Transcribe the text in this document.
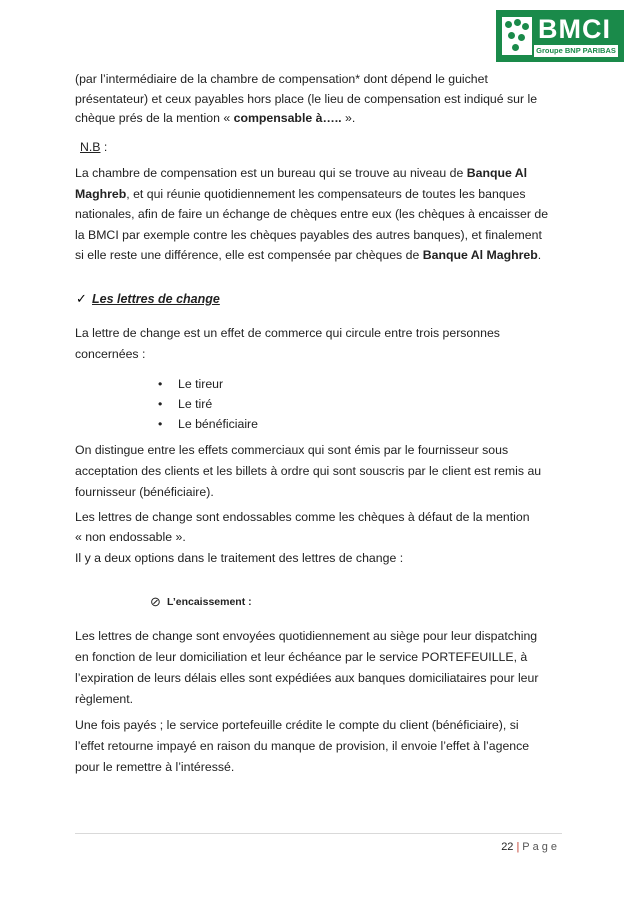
BMCI
Groupe BNP PARIBAS
(par l’intermédiaire de la chambre de compensation* dont dépend le guichet
présentateur) et ceux payables hors place (le lieu de compensation est indiqué sur le
chèque prés de la mention « compensable à….. ».
N.B :
La chambre de compensation est un bureau qui se trouve au niveau de Banque Al
Maghreb, et qui réunie quotidiennement les compensateurs de toutes les banques
nationales, afin de faire un échange de chèques entre eux (les chèques à encaisser de
la BMCI par exemple contre les chèques payables des autres banques), et finalement
si elle reste une différence, elle est compensée par chèques de Banque Al Maghreb.
✓ Les lettres de change
La lettre de change est un effet de commerce qui circule entre trois personnes
concernées :
• Le tireur
• Le tiré
• Le bénéficiaire
On distingue entre les effets commerciaux qui sont émis par le fournisseur sous
acceptation des clients et les billets à ordre qui sont souscris par le client est remis au
fournisseur (bénéficiaire).
Les lettres de change sont endossables comme les chèques à défaut de la mention
« non endossable ».
Il y a deux options dans le traitement des lettres de change :
⊘ L’encaissement :
Les lettres de change sont envoyées quotidiennement au siège pour leur dispatching
en fonction de leur domiciliation et leur échéance par le service PORTEFEUILLE, à
l’expiration de leurs délais elles sont expédiées aux banques domiciliataires pour leur
règlement.
Une fois payés ; le service portefeuille crédite le compte du client (bénéficiaire), si
l’effet retourne impayé en raison du manque de provision, il envoie l’effet à l’agence
pour le remettre à l’intéressé.
22 | Page
